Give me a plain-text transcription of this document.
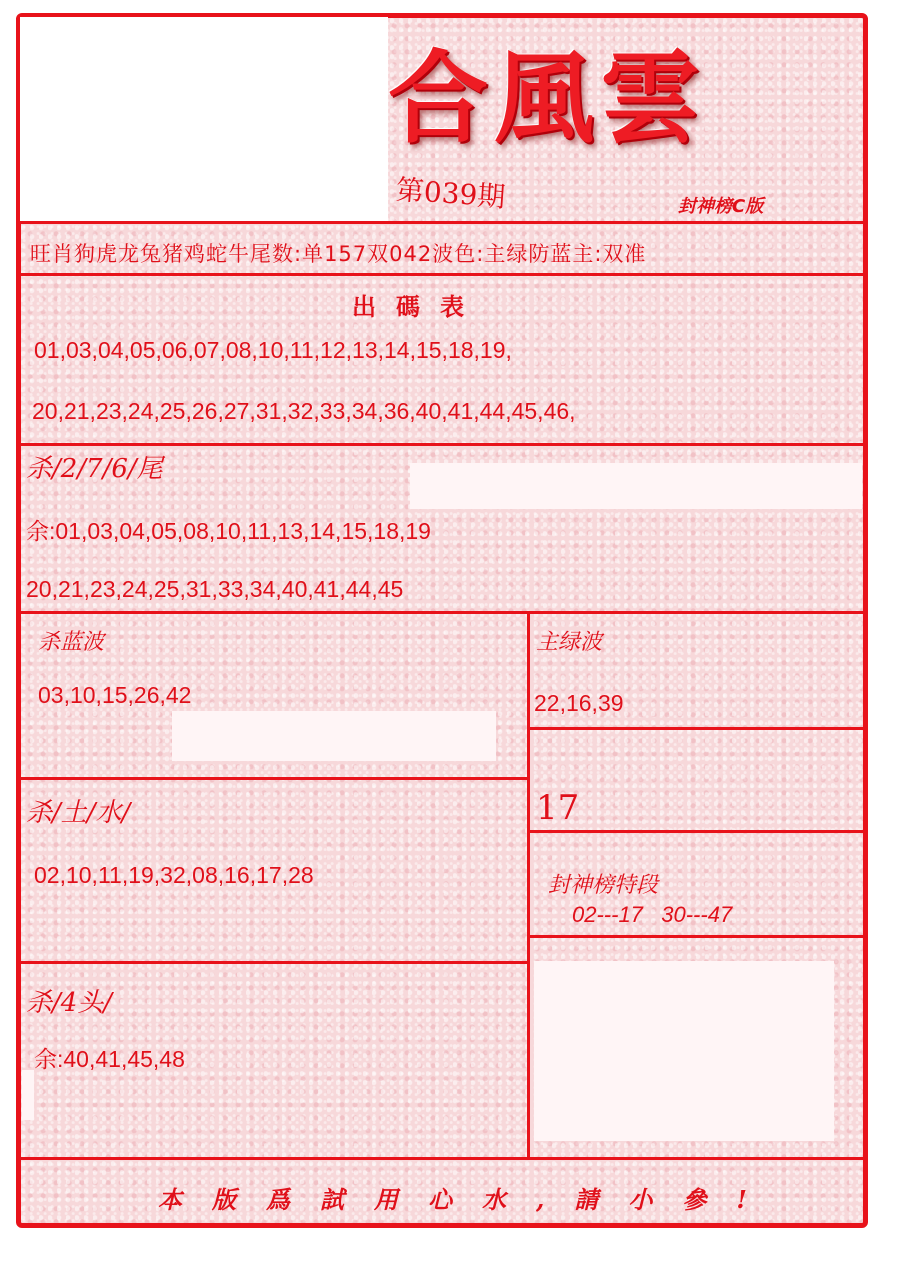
合風雲
第039期	封神榜C版
旺肖狗虎龙兔猪鸡蛇牛尾数:单157双042波色:主绿防蓝主:双准
出碼表
01,03,04,05,06,07,08,10,11,12,13,14,15,18,19,
20,21,23,24,25,26,27,31,32,33,34,36,40,41,44,45,46,
杀/2/7/6/尾
余:01,03,04,05,08,10,11,13,14,15,18,19
20,21,23,24,25,31,33,34,40,41,44,45
杀蓝波
03,10,15,26,42
主绿波
22,16,39
17
杀/土/水/
02,10,11,19,32,08,16,17,28	封神榜特段
02---17   30---47
杀/4头/
余:40,41,45,48
本版爲試用心水,請小參!
